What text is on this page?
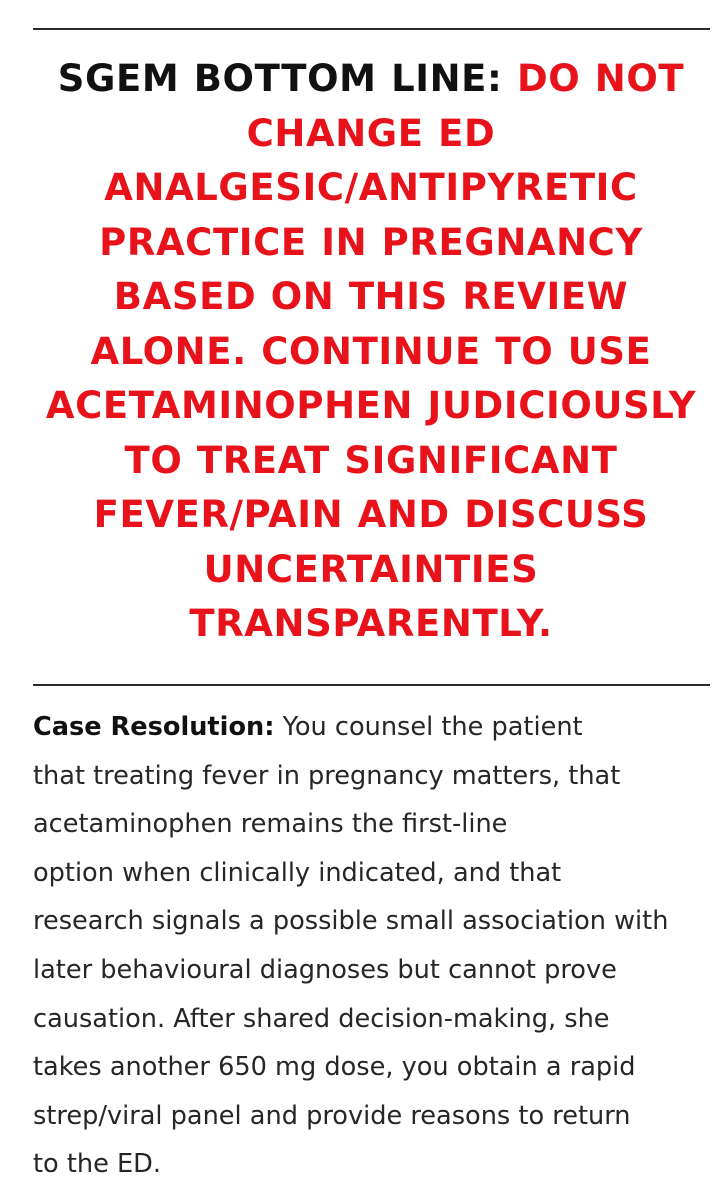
SGEM BOTTOM LINE: DO NOT CHANGE ED ANALGESIC/ANTIPYRETIC PRACTICE IN PREGNANCY BASED ON THIS REVIEW ALONE. CONTINUE TO USE ACETAMINOPHEN JUDICIOUSLY TO TREAT SIGNIFICANT FEVER/PAIN AND DISCUSS UNCERTAINTIES TRANSPARENTLY.
Case Resolution: You counsel the patient
that treating fever in pregnancy matters, that
acetaminophen remains the first-line
option when clinically indicated, and that
research signals a possible small association with
later behavioural diagnoses but cannot prove
causation. After shared decision-making, she
takes another 650 mg dose, you obtain a rapid
strep/viral panel and provide reasons to return
to the ED.
